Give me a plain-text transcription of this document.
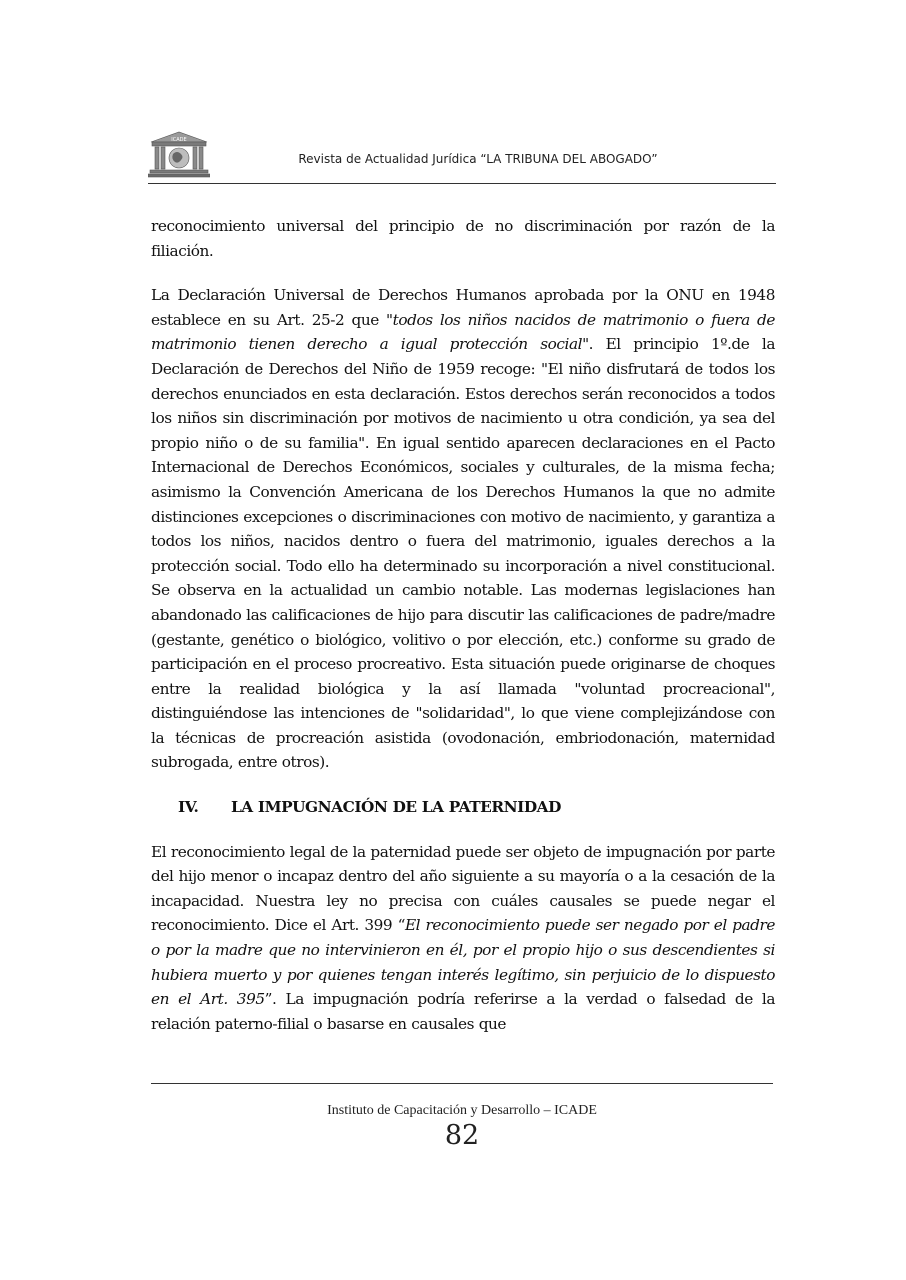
ICADE
Revista de Actualidad Jurídica “LA TRIBUNA DEL ABOGADO”

reconocimiento universal del principio de no discriminación por razón de la filiación.

La Declaración Universal de Derechos Humanos aprobada por la ONU en 1948 establece en su Art. 25-2 que "todos los niños nacidos de matrimonio o fuera de matrimonio tienen derecho a igual protección social". El principio 1º.de la Declaración de Derechos del Niño de 1959 recoge: "El niño disfrutará de todos los derechos enunciados en esta declaración. Estos derechos serán reconocidos a todos los niños sin discriminación por motivos de nacimiento u otra condición, ya sea del propio niño o de su familia". En igual sentido aparecen declaraciones en el Pacto Internacional de Derechos Económicos, sociales y culturales, de la misma fecha; asimismo la Convención Americana de los Derechos Humanos la que no admite distinciones excepciones o discriminaciones con motivo de nacimiento, y garantiza a todos los niños, nacidos dentro o fuera del matrimonio, iguales derechos a la protección social. Todo ello ha determinado su incorporación a nivel constitucional. Se observa en la actualidad un cambio notable. Las modernas legislaciones han abandonado las calificaciones de hijo para discutir las calificaciones de padre/madre (gestante, genético o biológico, volitivo o por elección, etc.) conforme su grado de participación en el proceso procreativo. Esta situación puede originarse de choques entre la realidad biológica y la así llamada "voluntad procreacional", distinguiéndose las intenciones de "solidaridad", lo que viene complejizándose con la técnicas de procreación asistida (ovodonación, embriodonación, maternidad subrogada, entre otros).

IV.	LA IMPUGNACIÓN DE LA PATERNIDAD

El reconocimiento legal de la paternidad puede ser objeto de impugnación por parte del hijo menor o incapaz dentro del año siguiente a su mayoría o a la cesación de la incapacidad. Nuestra ley no precisa con cuáles causales se puede negar el reconocimiento. Dice el Art. 399 “El reconocimiento puede ser negado por el padre o por la madre que no intervinieron en él, por el propio hijo o sus descendientes si hubiera muerto y por quienes tengan interés legítimo, sin perjuicio de lo dispuesto en el Art. 395”. La impugnación podría referirse a la verdad o falsedad de la relación paterno-filial o basarse en causales que

Instituto de Capacitación y Desarrollo – ICADE
82
